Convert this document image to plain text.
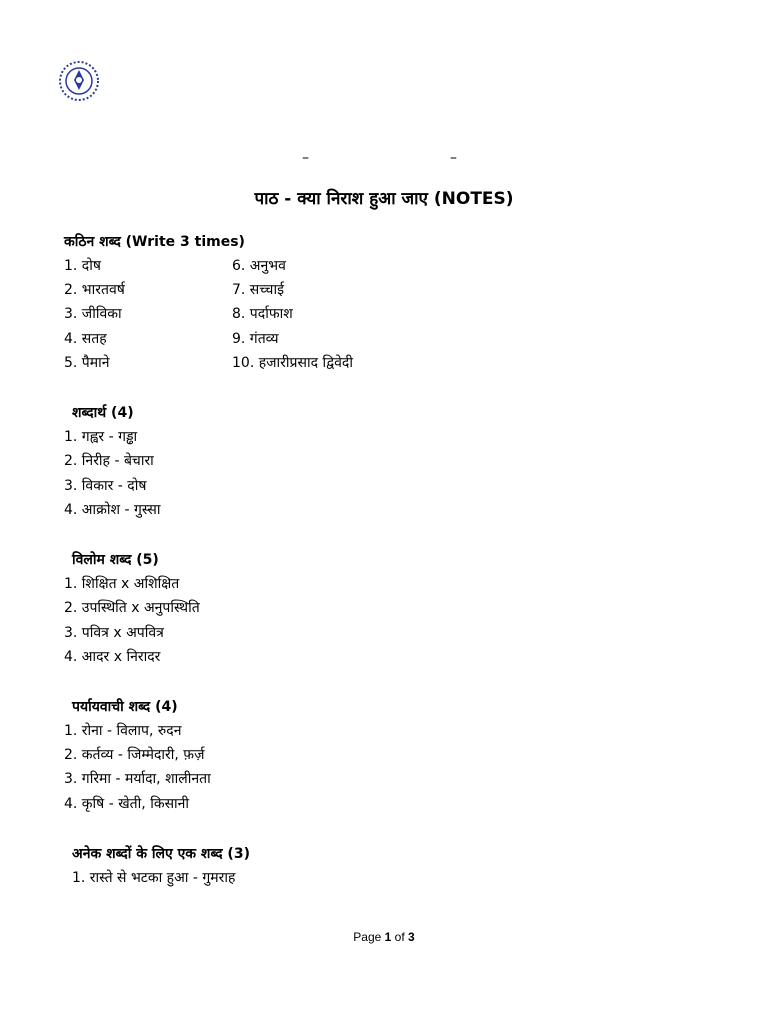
–	–
पाठ - क्या निराश हुआ जाए (NOTES)
कठिन शब्द (Write 3 times)
1. दोष
2. भारतवर्ष
3. जीविका
4. सतह
5. पैमाने
6. अनुभव
7. सच्चाई
8. पर्दाफाश
9. गंतव्य
10. हजारीप्रसाद द्विवेदी
शब्दार्थ (4)
1. गह्वर - गड्ढा
2. निरीह - बेचारा
3. विकार - दोष
4. आक्रोश - गुस्सा
विलोम शब्द (5)
1. शिक्षित x अशिक्षित
2. उपस्थिति x अनुपस्थिति
3. पवित्र x अपवित्र
4. आदर x निरादर
पर्यायवाची शब्द (4)
1. रोना - विलाप, रुदन
2. कर्तव्य - जिम्मेदारी, फ़र्ज़
3. गरिमा - मर्यादा, शालीनता
4. कृषि - खेती, किसानी
अनेक शब्दों के लिए एक शब्द (3)
1. रास्ते से भटका हुआ - गुमराह
Page 1 of 3
